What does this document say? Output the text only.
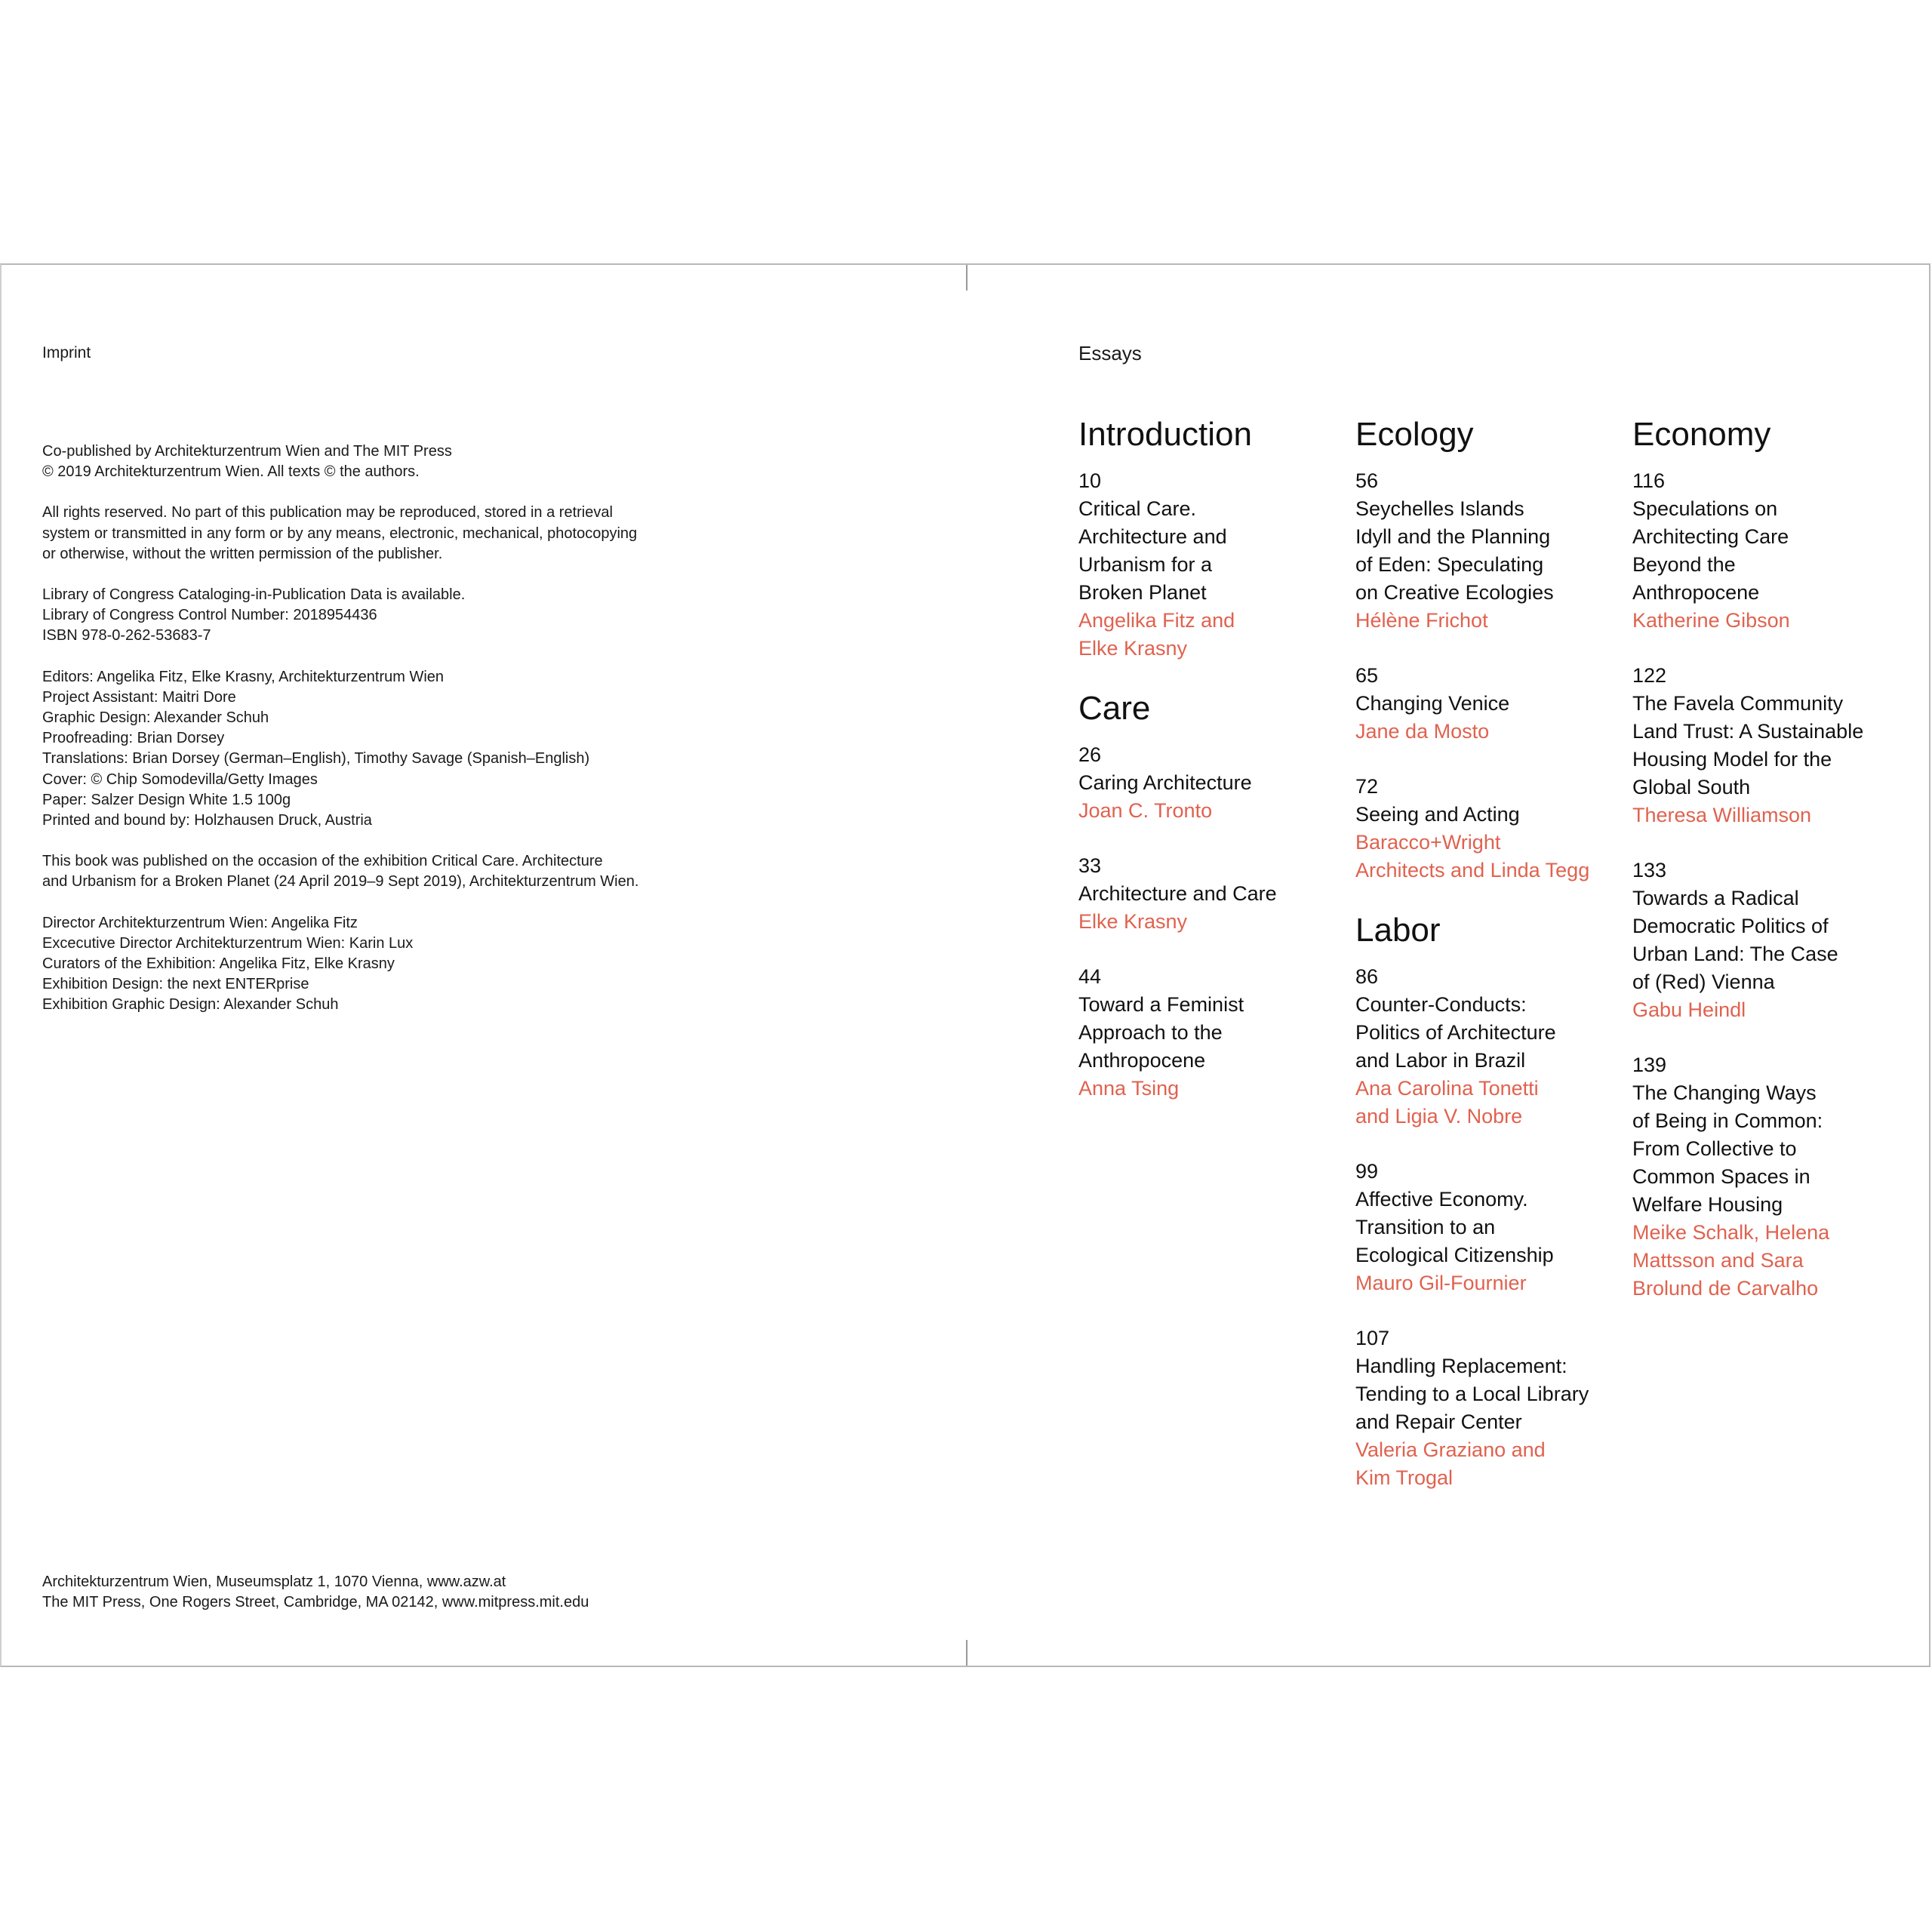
Imprint
Co-published by Architekturzentrum Wien and The MIT Press
© 2019 Architekturzentrum Wien. All texts © the authors.
All rights reserved. No part of this publication may be reproduced, stored in a retrieval
system or transmitted in any form or by any means, electronic, mechanical, photocopying
or otherwise, without the written permission of the publisher.
Library of Congress Cataloging-in-Publication Data is available.
Library of Congress Control Number: 2018954436
ISBN 978-0-262-53683-7
Editors: Angelika Fitz, Elke Krasny, Architekturzentrum Wien
Project Assistant: Maitri Dore
Graphic Design: Alexander Schuh
Proofreading: Brian Dorsey
Translations: Brian Dorsey (German–English), Timothy Savage (Spanish–English)
Cover: © Chip Somodevilla/Getty Images
Paper: Salzer Design White 1.5 100g
Printed and bound by: Holzhausen Druck, Austria
This book was published on the occasion of the exhibition Critical Care. Architecture
and Urbanism for a Broken Planet (24 April 2019–9 Sept 2019), Architekturzentrum Wien.
Director Architekturzentrum Wien: Angelika Fitz
Excecutive Director Architekturzentrum Wien: Karin Lux
Curators of the Exhibition: Angelika Fitz, Elke Krasny
Exhibition Design: the next ENTERprise
Exhibition Graphic Design: Alexander Schuh
Architekturzentrum Wien, Museumsplatz 1, 1070 Vienna, www.azw.at
The MIT Press, One Rogers Street, Cambridge, MA 02142, www.mitpress.mit.edu
Essays
Introduction
10
Critical Care.
Architecture and
Urbanism for a
Broken Planet
Angelika Fitz and
Elke Krasny
Care
26
Caring Architecture
Joan C. Tronto
33
Architecture and Care
Elke Krasny
44
Toward a Feminist
Approach to the
Anthropocene
Anna Tsing
Ecology
56
Seychelles Islands
Idyll and the Planning
of Eden: Speculating
on Creative Ecologies
Hélène Frichot
65
Changing Venice
Jane da Mosto
72
Seeing and Acting
Baracco+Wright
Architects and Linda Tegg
Labor
86
Counter-Conducts:
Politics of Architecture
and Labor in Brazil
Ana Carolina Tonetti
and Ligia V. Nobre
99
Affective Economy.
Transition to an
Ecological Citizenship
Mauro Gil-Fournier
107
Handling Replacement:
Tending to a Local Library
and Repair Center
Valeria Graziano and
Kim Trogal
Economy
116
Speculations on
Architecting Care
Beyond the
Anthropocene
Katherine Gibson
122
The Favela Community
Land Trust: A Sustainable
Housing Model for the
Global South
Theresa Williamson
133
Towards a Radical
Democratic Politics of
Urban Land: The Case
of (Red) Vienna
Gabu Heindl
139
The Changing Ways
of Being in Common:
From Collective to
Common Spaces in
Welfare Housing
Meike Schalk, Helena
Mattsson and Sara
Brolund de Carvalho
